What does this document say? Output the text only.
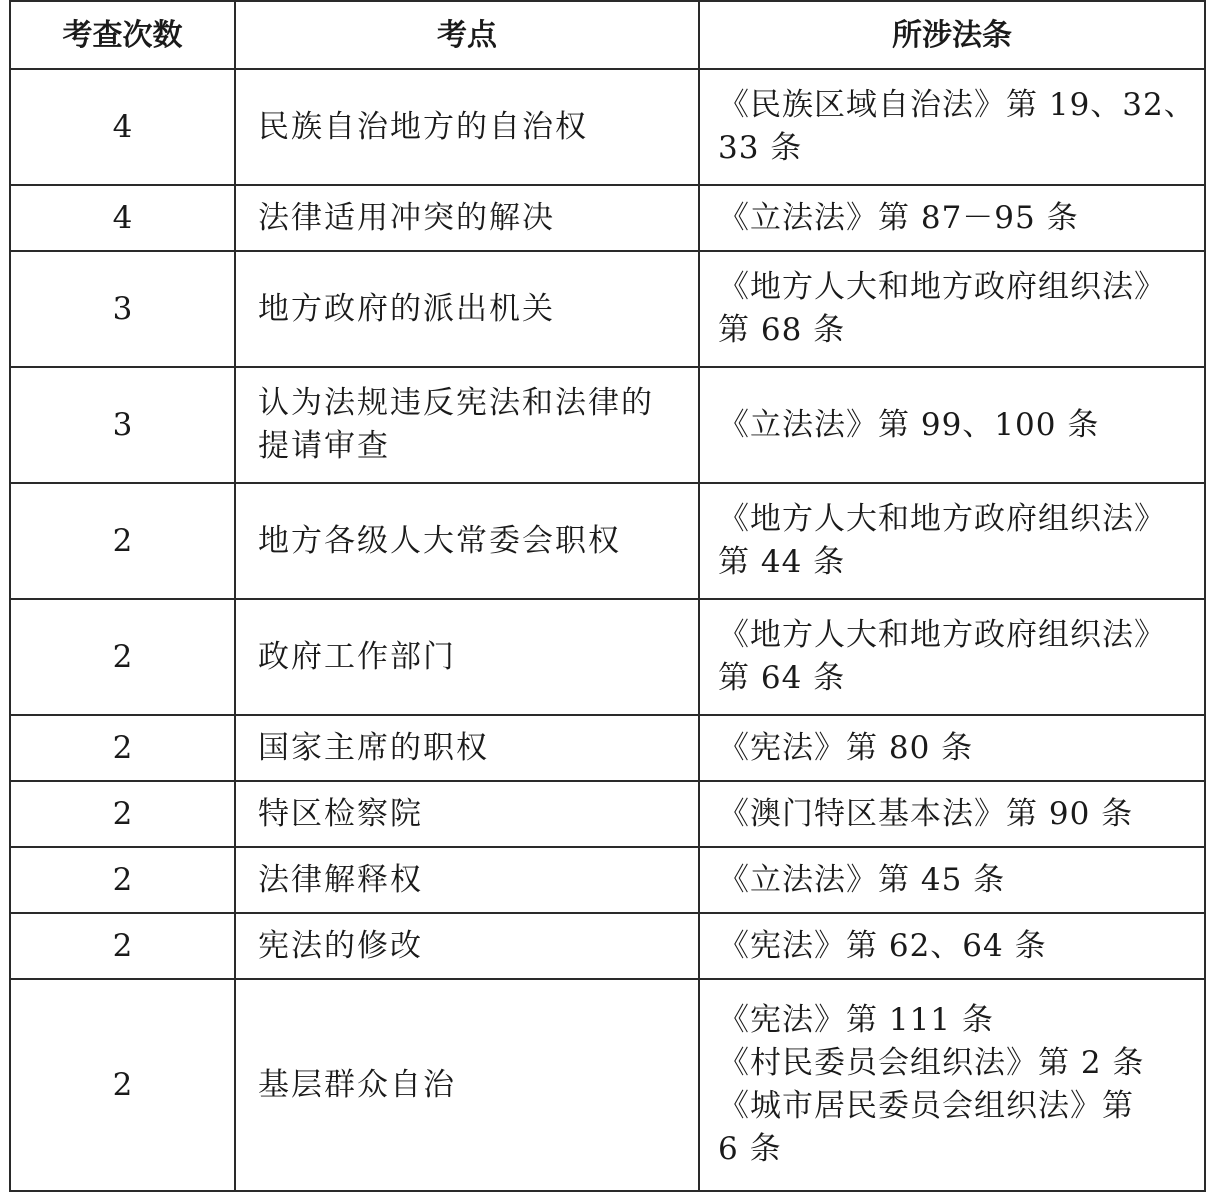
考查次数	考点	所涉法条
4	民族自治地方的自治权	《民族区域自治法》第 19、32、
33 条

4	法律适用冲突的解决	《立法法》第 87－95 条

3	地方政府的派出机关	《地方人大和地方政府组织法》
第 68 条

3	认为法规违反宪法和法律的
提请审查	《立法法》第 99、100 条

2	地方各级人大常委会职权	《地方人大和地方政府组织法》
第 44 条

2	政府工作部门	《地方人大和地方政府组织法》
第 64 条

2	国家主席的职权	《宪法》第 80 条

2	特区检察院	《澳门特区基本法》第 90 条

2	法律解释权	《立法法》第 45 条

2	宪法的修改	《宪法》第 62、64 条

2	基层群众自治	《宪法》第 111 条
《村民委员会组织法》第 2 条
《城市居民委员会组织法》第
6 条
